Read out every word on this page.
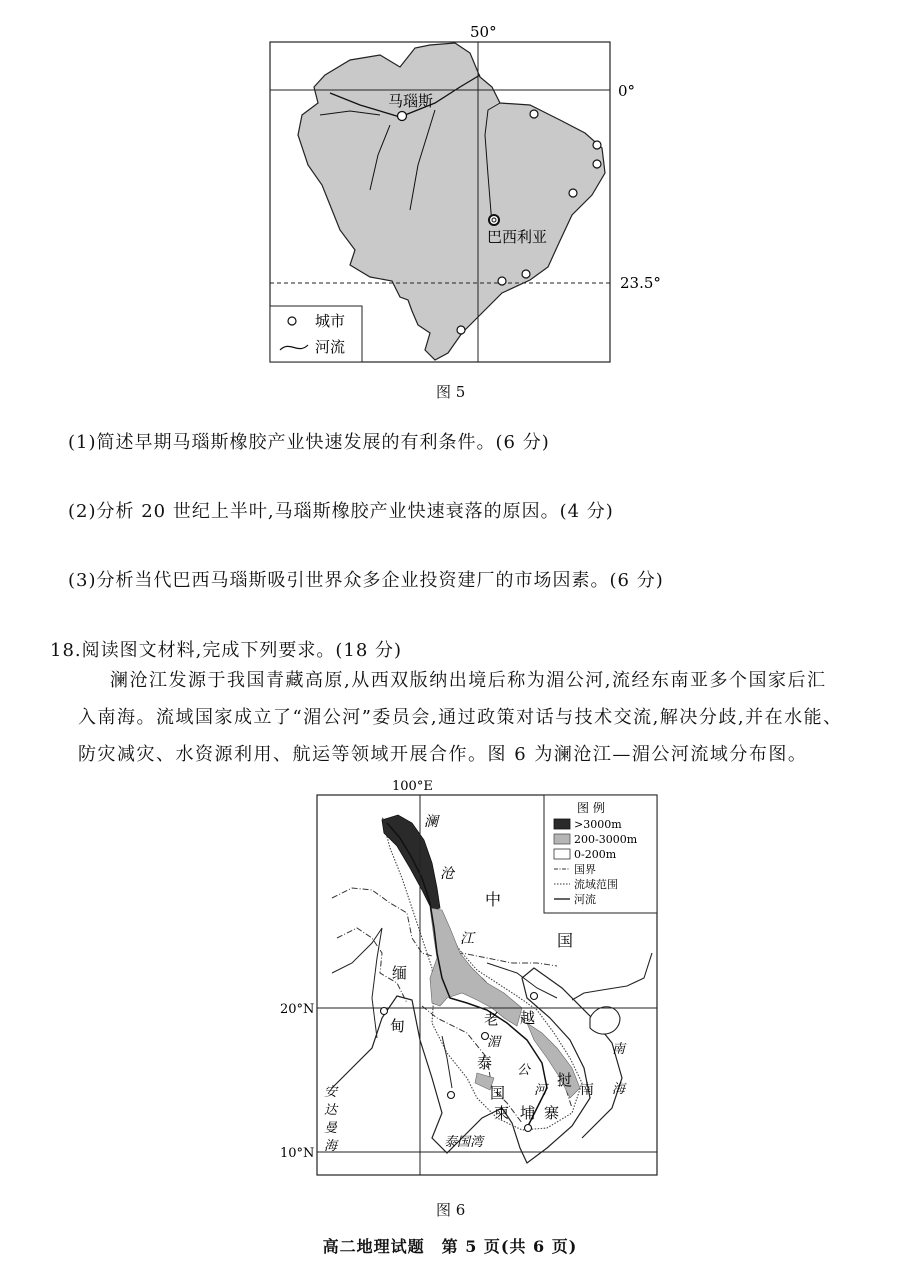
50°
0°
23.5°
马瑙斯
巴西利亚
城市
河流
图 5
(1)简述早期马瑙斯橡胶产业快速发展的有利条件。(6 分)
(2)分析 20 世纪上半叶,马瑙斯橡胶产业快速衰落的原因。(4 分)
(3)分析当代巴西马瑙斯吸引世界众多企业投资建厂的市场因素。(6 分)
18.阅读图文材料,完成下列要求。(18 分)
澜沧江发源于我国青藏高原,从西双版纳出境后称为湄公河,流经东南亚多个国家后汇
入南海。流域国家成立了“湄公河”委员会,通过政策对话与技术交流,解决分歧,并在水能、
防灾减灾、水资源利用、航运等领域开展合作。图 6 为澜沧江—湄公河流域分布图。
100°E
20°N
10°N
澜
沧
江
中
国
缅
甸	老 越
挝
泰
国
柬 埔 寨
湄
公
河 南
南
海
安
达
曼
海	泰国湾
图 例
>3000m
200-3000m
0-200m
国界
流域范围
河流
图 6
高二地理试题　第 5 页(共 6 页)
